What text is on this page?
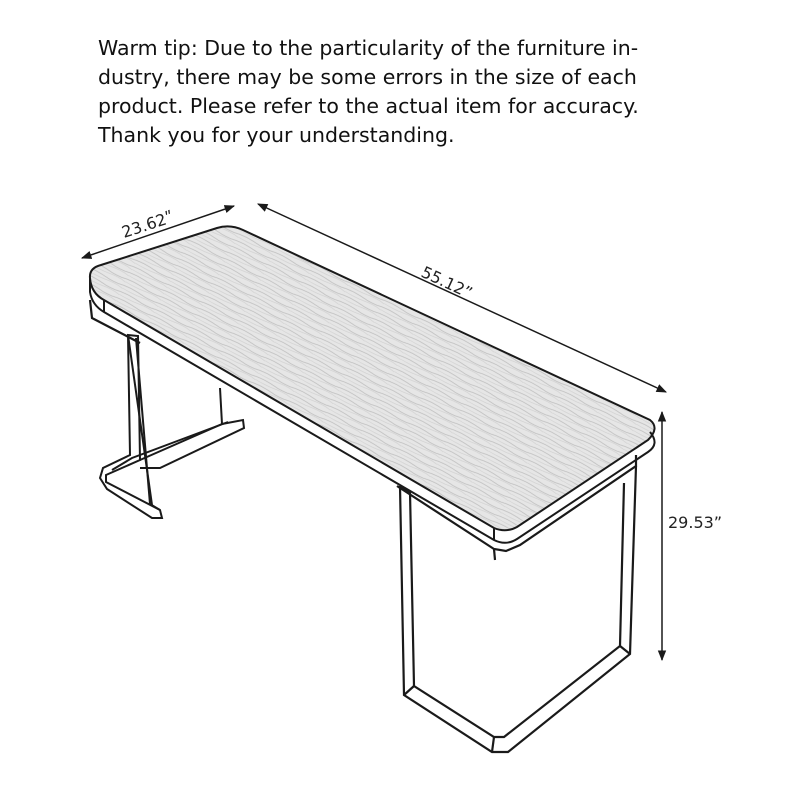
Warm tip: Due to the particularity of the furniture in-
dustry, there may be some errors in the size of each
product. Please refer to the actual item for accuracy.
Thank you for your understanding.

23.62ʺ
55.12”
29.53”
